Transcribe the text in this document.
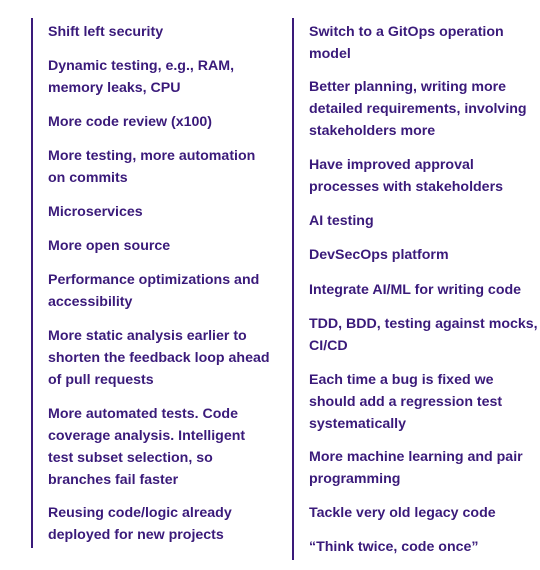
Shift left security

Dynamic testing, e.g., RAM,
memory leaks, CPU

More code review (x100)

More testing, more automation
on commits

Microservices

More open source

Performance optimizations and
accessibility

More static analysis earlier to
shorten the feedback loop ahead
of pull requests

More automated tests. Code
coverage analysis. Intelligent
test subset selection, so
branches fail faster

Reusing code/logic already
deployed for new projects

Switch to a GitOps operation
model

Better planning, writing more
detailed requirements, involving
stakeholders more

Have improved approval
processes with stakeholders

AI testing

DevSecOps platform

Integrate AI/ML for writing code

TDD, BDD, testing against mocks,
CI/CD

Each time a bug is fixed we
should add a regression test
systematically

More machine learning and pair
programming

Tackle very old legacy code

“Think twice, code once”
